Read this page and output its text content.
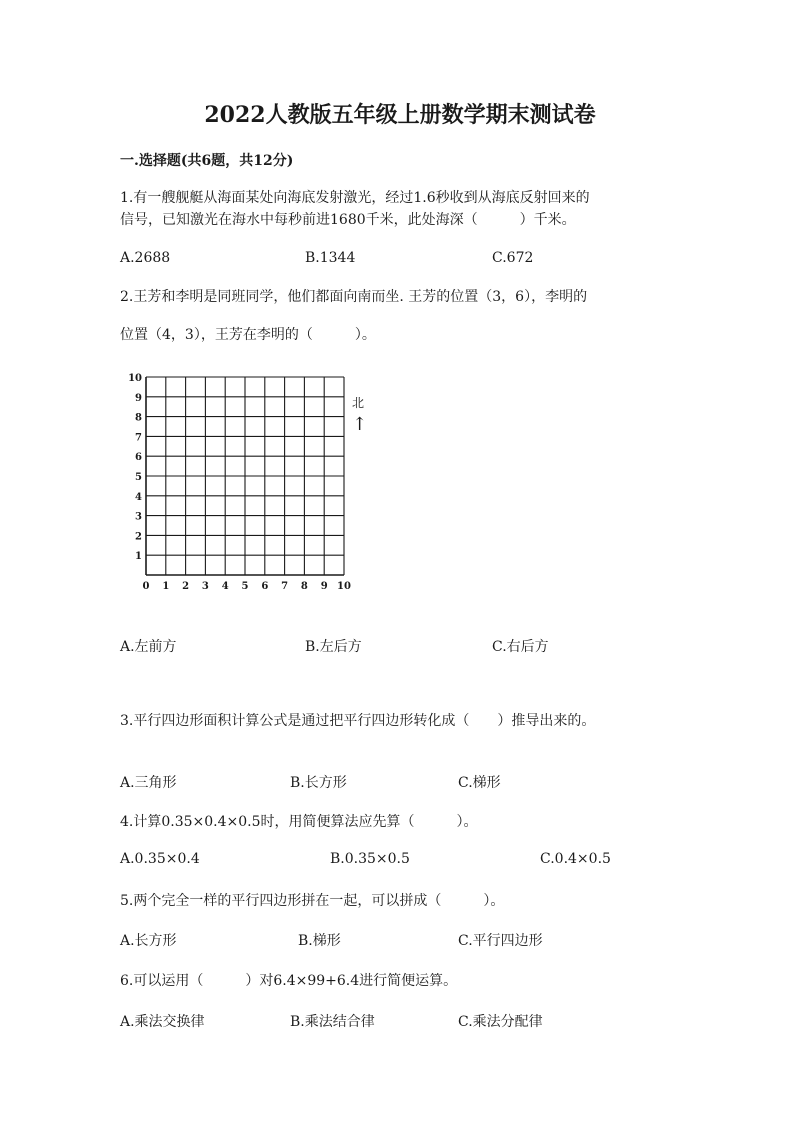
2022人教版五年级上册数学期末测试卷
一.选择题(共6题，共12分)
1.有一艘舰艇从海面某处向海底发射激光，经过1.6秒收到从海底反射回来的
信号，已知激光在海水中每秒前进1680千米，此处海深（　　　）千米。
A.2688	B.1344	C.672
2.王芳和李明是同班同学，他们都面向南而坐. 王芳的位置（3，6），李明的
位置（4，3），王芳在李明的（　　　）。
0 1 2 3 4 5 6 7 8 9 10
1
2
3
4
5
6
7
8
9
10
北
↑
A.左前方	B.左后方	C.右后方
3.平行四边形面积计算公式是通过把平行四边形转化成（　　）推导出来的。
A.三角形	B.长方形	C.梯形
4.计算0.35×0.4×0.5时，用简便算法应先算（　　　）。
A.0.35×0.4	B.0.35×0.5	C.0.4×0.5
5.两个完全一样的平行四边形拼在一起，可以拼成（　　　）。
A.长方形	B.梯形	C.平行四边形
6.可以运用（　　　）对6.4×99+6.4进行简便运算。
A.乘法交换律	B.乘法结合律	C.乘法分配律
